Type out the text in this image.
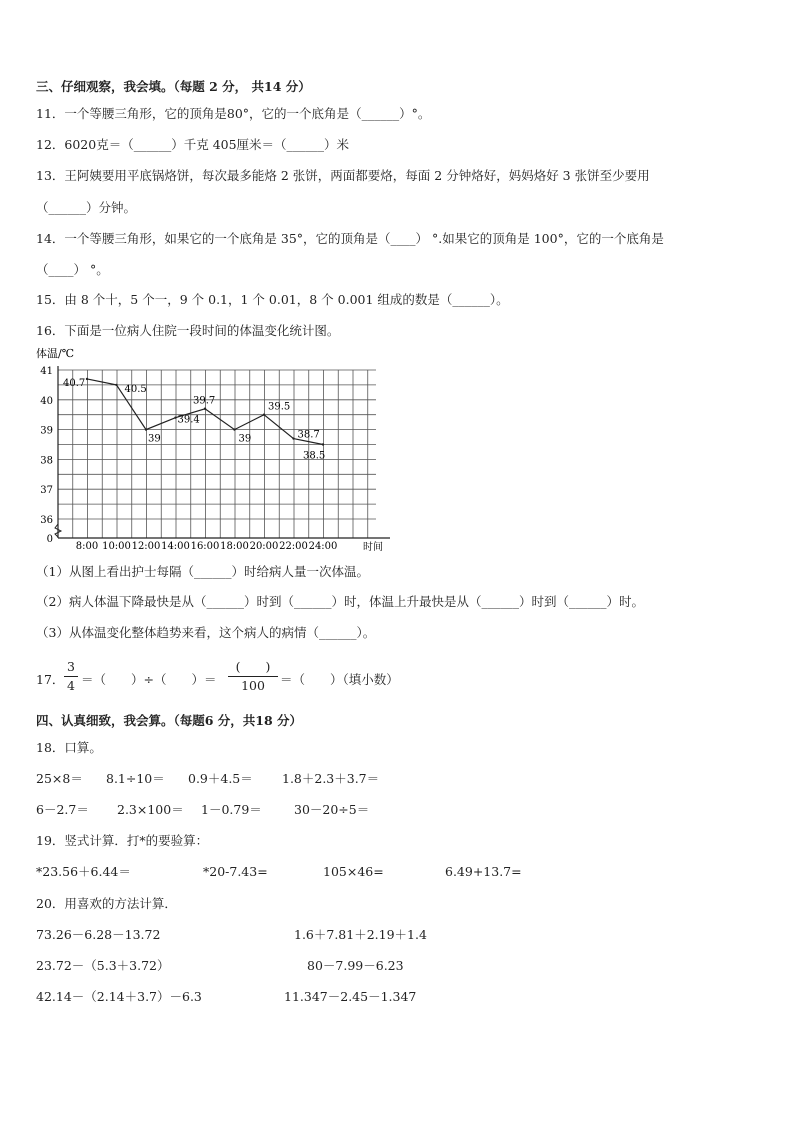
三、仔细观察，我会填。（每题 2 分， 共14 分）
11．一个等腰三角形，它的顶角是80°，它的一个底角是（______）°。
12．6020克＝（______）千克 405厘米＝（______）米
13．王阿姨要用平底锅烙饼，每次最多能烙 2 张饼，两面都要烙，每面 2 分钟烙好，妈妈烙好 3 张饼至少要用
（______）分钟。
14．一个等腰三角形，如果它的一个底角是 35°，它的顶角是（____） °.如果它的顶角是 100°，它的一个底角是
（____） °。
15．由 8 个十，5 个一，9 个 0.1，1 个 0.01，8 个 0.001 组成的数是（______）。
16．下面是一位病人住院一段时间的体温变化统计图。
体温/℃
时间
41
40
39
38
37
36
0
8:00 10:00 12:00 14:00 16:00 18:00 20:00 22:00 24:00
40.7
40.5
39
39.4
39.7
39
39.5
38.7
38.5
（1）从图上看出护士每隔（______）时给病人量一次体温。
（2）病人体温下降最快是从（______）时到（______）时，体温上升最快是从（______）时到（______）时。
（3）从体温变化整体趋势来看，这个病人的病情（______）。
17．
3
4 ＝（　　）÷（　　）＝
(　　)
100	＝（　　）（填小数）
四、认真细致，我会算。（每题6 分，共18 分）
18．口算。
25×8＝ 8.1÷10＝ 0.9＋4.5＝ 1.8＋2.3＋3.7＝
6－2.7＝ 2.3×100＝ 1－0.79＝	30－20÷5＝
19．竖式计算．打*的要验算：
*23.56＋6.44＝	*20-7.43=	105×46=	6.49+13.7=
20．用喜欢的方法计算．
73.26－6.28－13.72	1.6＋7.81＋2.19＋1.4
23.72－（5.3＋3.72）	80－7.99－6.23
42.14－（2.14＋3.7）－6.3	11.347－2.45－1.347
